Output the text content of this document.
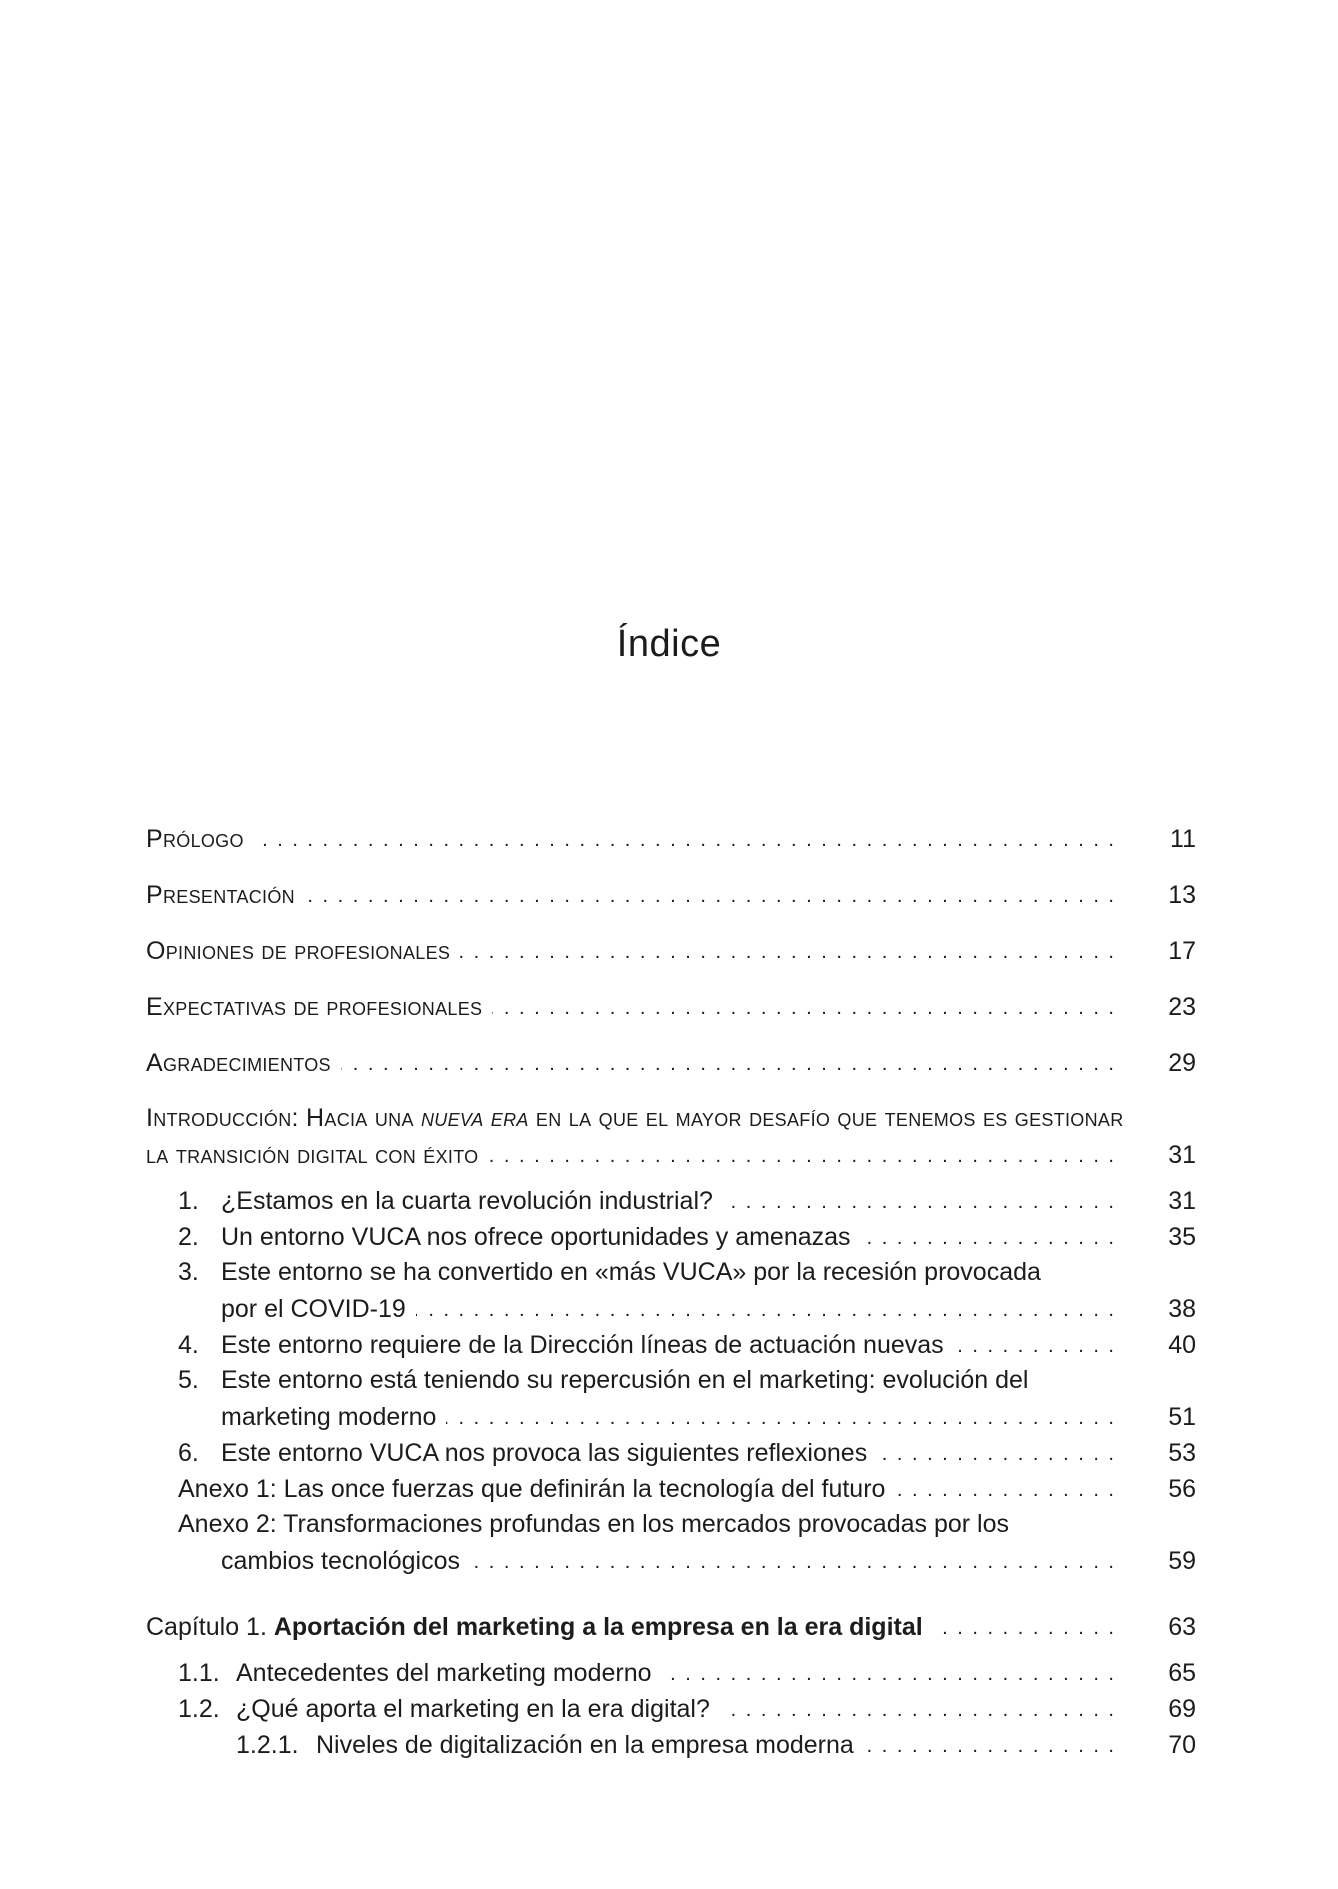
Índice
Prólogo . . .	11
Presentación . . .	13
Opiniones de profesionales . . .	17
Expectativas de profesionales . . .	23
Agradecimientos . . .	29
Introducción: Hacia una nueva era en la que el mayor desafío que tenemos es gestionar
la transición digital con éxito . . .	31
1. ¿Estamos en la cuarta revolución industrial? . . .	31
2. Un entorno VUCA nos ofrece oportunidades y amenazas . . .	35
3. Este entorno se ha convertido en «más VUCA» por la recesión provocada
por el COVID-19 . . .	38
4. Este entorno requiere de la Dirección líneas de actuación nuevas . . .	40
5. Este entorno está teniendo su repercusión en el marketing: evolución del
marketing moderno . . .	51
6. Este entorno VUCA nos provoca las siguientes reflexiones . . .	53
Anexo 1: Las once fuerzas que definirán la tecnología del futuro . . .	56
Anexo 2: Transformaciones profundas en los mercados provocadas por los
cambios tecnológicos . . .	59
Capítulo 1. Aportación del marketing a la empresa en la era digital . . .	63
1.1. Antecedentes del marketing moderno . . .	65
1.2. ¿Qué aporta el marketing en la era digital? . . .	69
1.2.1. Niveles de digitalización en la empresa moderna . . .	70
